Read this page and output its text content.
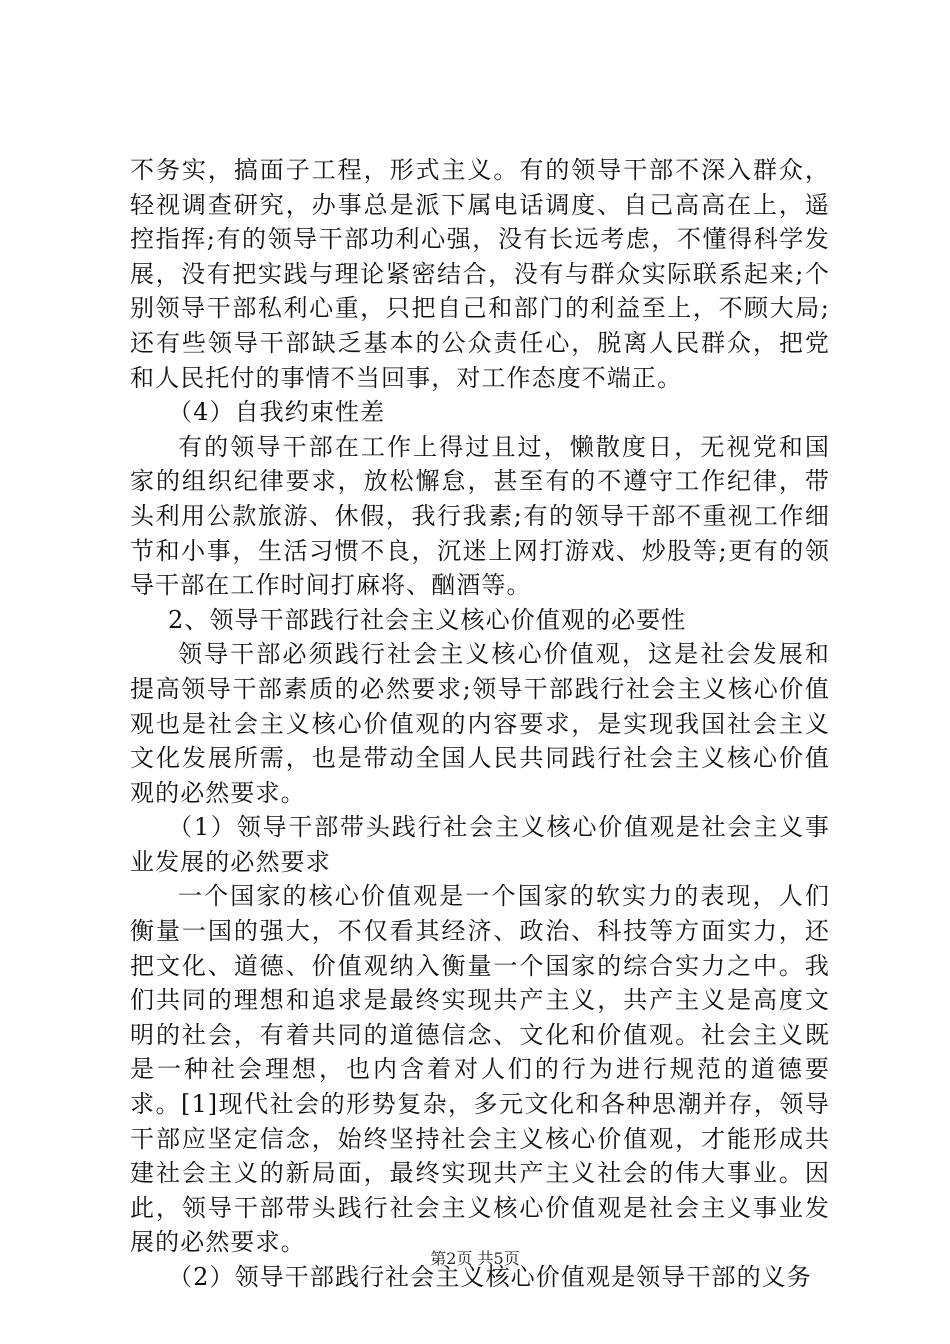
不务实，搞面子工程，形式主义。有的领导干部不深入群众，轻视调查研究，办事总是派下属电话调度、自己高高在上，遥控指挥;有的领导干部功利心强，没有长远考虑，不懂得科学发展，没有把实践与理论紧密结合，没有与群众实际联系起来;个别领导干部私利心重，只把自己和部门的利益至上，不顾大局;还有些领导干部缺乏基本的公众责任心，脱离人民群众，把党和人民托付的事情不当回事，对工作态度不端正。

（4）自我约束性差

有的领导干部在工作上得过且过，懒散度日，无视党和国家的组织纪律要求，放松懈怠，甚至有的不遵守工作纪律，带头利用公款旅游、休假，我行我素;有的领导干部不重视工作细节和小事，生活习惯不良，沉迷上网打游戏、炒股等;更有的领导干部在工作时间打麻将、酗酒等。

2、领导干部践行社会主义核心价值观的必要性

领导干部必须践行社会主义核心价值观，这是社会发展和提高领导干部素质的必然要求;领导干部践行社会主义核心价值观也是社会主义核心价值观的内容要求，是实现我国社会主义文化发展所需，也是带动全国人民共同践行社会主义核心价值观的必然要求。

（1）领导干部带头践行社会主义核心价值观是社会主义事业发展的必然要求

一个国家的核心价值观是一个国家的软实力的表现，人们衡量一国的强大，不仅看其经济、政治、科技等方面实力，还把文化、道德、价值观纳入衡量一个国家的综合实力之中。我们共同的理想和追求是最终实现共产主义，共产主义是高度文明的社会，有着共同的道德信念、文化和价值观。社会主义既是一种社会理想，也内含着对人们的行为进行规范的道德要求。[1]现代社会的形势复杂，多元文化和各种思潮并存，领导干部应坚定信念，始终坚持社会主义核心价值观，才能形成共建社会主义的新局面，最终实现共产主义社会的伟大事业。因此，领导干部带头践行社会主义核心价值观是社会主义事业发展的必然要求。

（2）领导干部践行社会主义核心价值观是领导干部的义务

第2页 共5页
